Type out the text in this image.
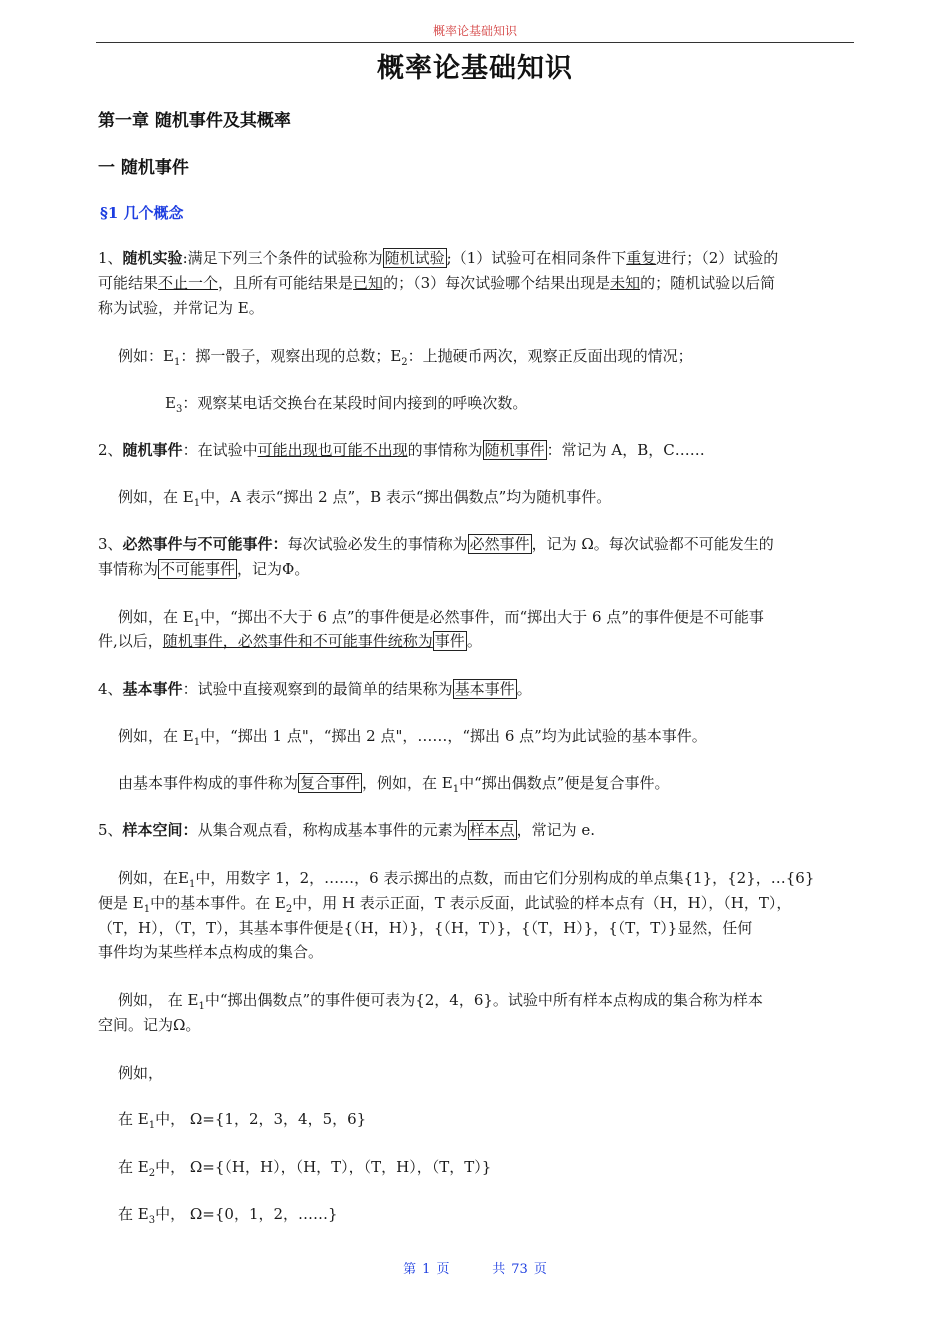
概率论基础知识
概率论基础知识
第一章 随机事件及其概率
一 随机事件
§1 几个概念
1、随机实验:满足下列三个条件的试验称为 随机试验 ;（1）试验可在相同条件下重复进行；（2）试验的
可能结果不止一个，且所有可能结果是已知的；（3）每次试验哪个结果出现是未知的；随机试验以后简
称为试验，并常记为 E。
例如：$E_1$：掷一骰子，观察出现的总数；$E_2$：上抛硬币两次，观察正反面出现的情况；
$E_3$：观察某电话交换台在某段时间内接到的呼唤次数。
2、随机事件：在试验中可能出现也可能不出现的事情称为 随机事件 ：常记为 A，B，C……
例如，在 $E_1$中，A 表示“掷出 2 点”，B 表示“掷出偶数点”均为随机事件。
3、必然事件与不可能事件：每次试验必发生的事情称为 必然事件 ，记为 Ω。每次试验都不可能发生的
事情称为 不可能事件 ，记为Φ。
例如，在 $E_1$中，“掷出不大于 6 点”的事件便是必然事件，而“掷出大于 6 点”的事件便是不可能事
件,以后，随机事件，必然事件和不可能事件统称为 事件 。
4、基本事件：试验中直接观察到的最简单的结果称为 基本事件 。
例如，在 $E_1$中，“掷出 1 点"，“掷出 2 点"，……，“掷出 6 点”均为此试验的基本事件。
由基本事件构成的事件称为 复合事件 ，例如，在 $E_1$中“掷出偶数点”便是复合事件。
5、样本空间：从集合观点看，称构成基本事件的元素为 样本点 ，常记为 e.
例如，在$E_1$中，用数字 1，2，……，6 表示掷出的点数，而由它们分别构成的单点集{1}，{2}，…{6}
便是 $E_1$中的基本事件。在 $E_2$中，用 H 表示正面，T 表示反面，此试验的样本点有（H，H），（H，T），
（T，H），（T，T），其基本事件便是{（H，H）}，{（H，T）}，{（T，H）}，{（T，T）}显然，任何
事件均为某些样本点构成的集合。
例如， 在 $E_1$中“掷出偶数点”的事件便可表为{2，4，6}。试验中所有样本点构成的集合称为样本
空间。记为Ω。
例如，
在 $E_1$中， Ω={1，2，3，4，5，6}
在 $E_2$中， Ω={（H，H），（H，T），（T，H），（T，T）}
在 $E_3$中， Ω={0，1，2，……}
第 1 页	共 73 页
